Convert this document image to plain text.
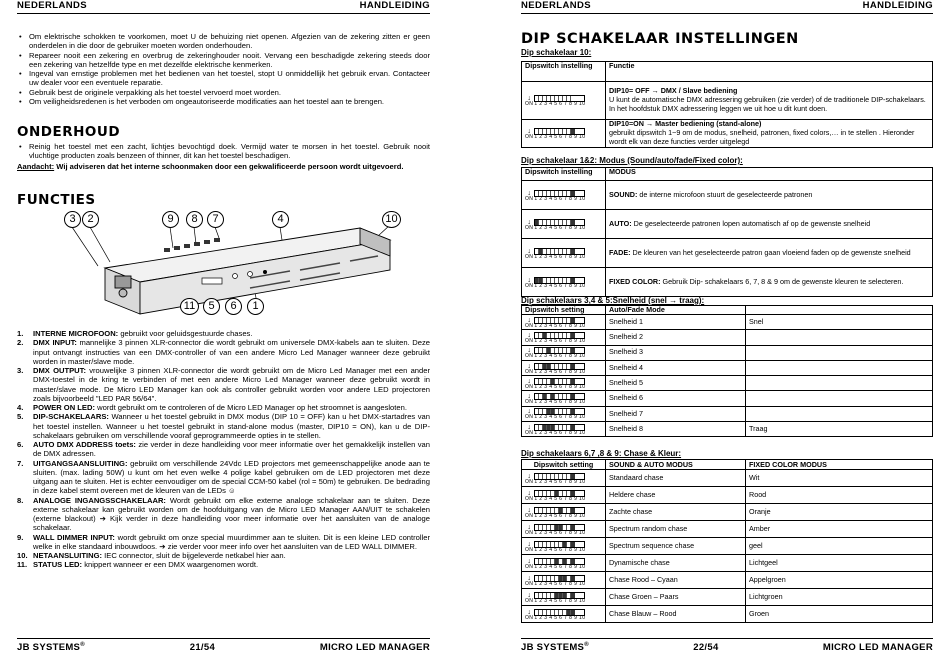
NEDERLANDS	HANDLEIDING
• Om elektrische schokken te voorkomen, moet U de behuizing niet openen. Afgezien van de zekering zitten er geen onderdelen in die door de gebruiker moeten worden onderhouden.
• Repareer nooit een zekering en overbrug de zekeringhouder nooit. Vervang een beschadigde zekering steeds door een zekering van hetzelfde type en met dezelfde elektrische kenmerken.
• Ingeval van ernstige problemen met het bedienen van het toestel, stopt U onmiddellijk het gebruik ervan. Contacteer uw dealer voor een eventuele reparatie.
• Gebruik best de originele verpakking als het toestel vervoerd moet worden.
• Om veiligheidsredenen is het verboden om ongeautoriseerde modificaties aan het toestel aan te brengen.
ONDERHOUD
• Reinig het toestel met een zacht, lichtjes bevochtigd doek. Vermijd water te morsen in het toestel. Gebruik nooit vluchtige producten zoals benzeen of thinner, dit kan het toestel beschadigen.

Aandacht: Wij adviseren dat het interne schoonmaken door een gekwalificeerde persoon wordt uitgevoerd.

FUNCTIES
3	2	9	8	7	4	10
11	5	6	1
1. INTERNE MICROFOON: gebruikt voor geluidsgestuurde chases.
2. DMX INPUT: mannelijke 3 pinnen XLR-connector die wordt gebruikt om universele DMX-kabels aan te sluiten. Deze input ontvangt instructies van een DMX-controller of van een andere Micro Led Manager wanneer deze gebruikt worden in master/slave mode.
3. DMX OUTPUT: vrouwelijke 3 pinnen XLR-connector die wordt gebruikt om de Micro Led Manager met een ander DMX-toestel in de kring te verbinden of met een andere Micro Led Manager wanneer deze gebruikt wordt in master/slave mode. De Micro LED Manager kan ook als controller gebruikt worden voor andere LED projectoren zoals bijvoorbeeld "LED PAR 56/64".
4. POWER ON LED: wordt gebruikt om te controleren of de Micro LED Manager op het stroomnet is aangesloten.
5. DIP-SCHAKELAARS: Wanneer u het toestel gebruikt in DMX modus (DIP 10 = OFF) kan u het DMX-startadres van het toestel instellen. Wanneer u het toestel gebruikt in stand-alone modus (master, DIP10 = ON), kan u de DIP-schakelaars gebruiken om verschillende vooraf geprogrammeerde opties in te stellen.
6. AUTO DMX ADDRESS toets: zie verder in deze handleiding voor meer informatie over het gemakkelijk instellen van de DMX adressen.
7. UITGANGSAANSLUITING: gebruikt om verschillende 24Vdc LED projectors met gemeenschappelijke anode aan te sluiten. (max. lading 50W) u kunt om het even welke 4 polige kabel gebruiken om de LED projectoren met deze uitgang aan te sluiten. Het is echter eenvoudiger om de special CCM-50 kabel (rol = 50m) te gebruiken. De bedrading in deze kabel stemt overeen met de kleuren van de LEDs ☺
8. ANALOGE INGANGSSCHAKELAAR: Wordt gebruikt om elke externe analoge schakelaar aan te sluiten. Deze externe schakelaar kan gebruikt worden om de hoofduitgang van de Micro LED Manager AAN/UIT te schakelen (externe blackout) ➔ Kijk verder in deze handleiding voor meer informatie over het aansluiten van de analoge schakelaar.
9. WALL DIMMER INPUT: wordt gebruikt om onze special muurdimmer aan te sluiten. Dit is een kleine LED controller welke in elke standaard inbouwdoos. ➔ zie verder voor meer info over het aansluiten van de LED WALL DIMMER.
10. NETAANSLUITING: IEC connector, sluit de bijgeleverde netkabel hier aan.
11. STATUS LED: knippert wanneer er een DMX waargenomen wordt.
JB SYSTEMS®	21/54	MICRO LED MANAGER
NEDERLANDS	HANDLEIDING
DIP SCHAKELAAR INSTELLINGEN
Dip schakelaar 10:
Dipswitch instelling	Functie

↓
ON 1 2 3 4 5 6 7 8 9 10	DIP10= OFF → DMX / Slave bediening
U kunt de automatische DMX adressering gebruiken (zie verder) of de traditionele DIP-schakelaars.
In het hoofdstuk DMX adressering leggen we uit hoe u dit kunt doen.

↓
ON 1 2 3 4 5 6 7 8 9 10	DIP10=ON → Master bediening (stand-alone)
gebruikt dipswitch 1~9 om de modus, snelheid, patronen, fixed colors,… in te stellen . Hieronder wordt elk van deze functies verder uitgelegd
Dip schakelaar 1&2: Modus (Sound/auto/fade/Fixed color):
Dipswitch instelling	MODUS

↓
ON 1 2 3 4 5 6 7 8 9 10	SOUND: de interne microfoon stuurt de geselecteerde patronen

↓
ON 1 2 3 4 5 6 7 8 9 10	AUTO: De geselecteerde patronen lopen automatisch af op de gewenste snelheid

↓
ON 1 2 3 4 5 6 7 8 9 10	FADE: De kleuren van het geselecteerde patron gaan vloeiend faden op de gewenste snelheid

↓
ON 1 2 3 4 5 6 7 8 9 10	FIXED COLOR: Gebruik Dip- schakelaars 6, 7, 8 & 9 om de gewenste kleuren te selecteren.
Dip schakelaars 3,4 & 5:Snelheid (snel → traag):
Dipswitch setting	Auto/Fade Mode	

↓
ON 1 2 3 4 5 6 7 8 9 10	Snelheid 1	Snel

↓
ON 1 2 3 4 5 6 7 8 9 10	Snelheid 2	

↓
ON 1 2 3 4 5 6 7 8 9 10	Snelheid 3	

↓
ON 1 2 3 4 5 6 7 8 9 10	Snelheid 4	

↓
ON 1 2 3 4 5 6 7 8 9 10	Snelheid 5	

↓
ON 1 2 3 4 5 6 7 8 9 10	Snelheid 6	

↓
ON 1 2 3 4 5 6 7 8 9 10	Snelheid 7	

↓
ON 1 2 3 4 5 6 7 8 9 10	Snelheid 8	Traag
Dip schakelaars 6,7 ,8 & 9: Chase & Kleur:
Dipswitch setting	SOUND & AUTO MODUS	FIXED COLOR MODUS

↓
ON 1 2 3 4 5 6 7 8 9 10	Standaard chase	Wit

↓
ON 1 2 3 4 5 6 7 8 9 10	Heldere chase	Rood

↓
ON 1 2 3 4 5 6 7 8 9 10	Zachte chase	Oranje

↓
ON 1 2 3 4 5 6 7 8 9 10	Spectrum random chase	Amber

↓
ON 1 2 3 4 5 6 7 8 9 10	Spectrum sequence chase	geel

↓
ON 1 2 3 4 5 6 7 8 9 10	Dynamische chase	Lichtgeel

↓
ON 1 2 3 4 5 6 7 8 9 10	Chase Rood – Cyaan	Appelgroen

↓
ON 1 2 3 4 5 6 7 8 9 10	Chase Groen – Paars	Lichtgroen

↓
ON 1 2 3 4 5 6 7 8 9 10	Chase Blauw – Rood	Groen
JB SYSTEMS®	22/54	MICRO LED MANAGER
